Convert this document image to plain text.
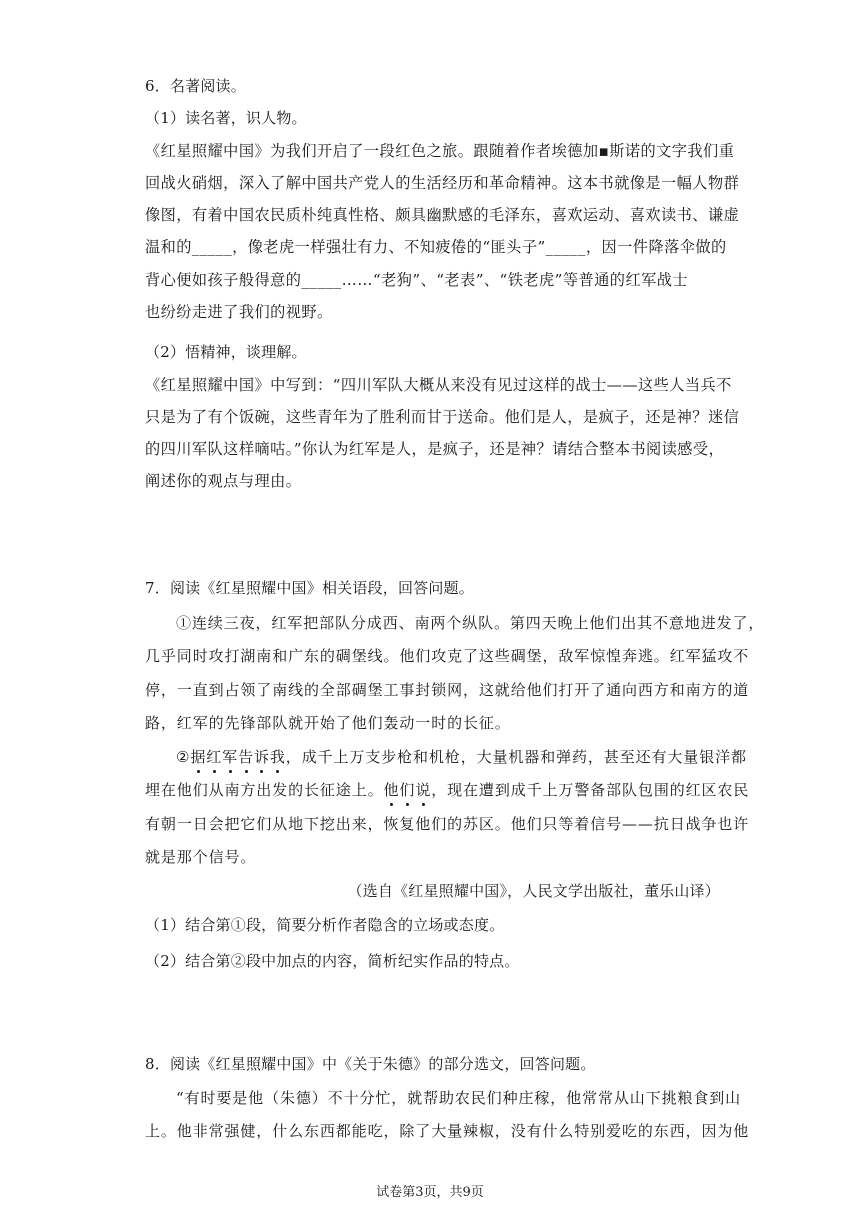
6．名著阅读。
（1）读名著，识人物。
《红星照耀中国》为我们开启了一段红色之旅。跟随着作者埃德加▪斯诺的文字我们重
回战火硝烟，深入了解中国共产党人的生活经历和革命精神。这本书就像是一幅人物群
像图，有着中国农民质朴纯真性格、颇具幽默感的毛泽东，喜欢运动、喜欢读书、谦虚
温和的_____，像老虎一样强壮有力、不知疲倦的“匪头子”_____，因一件降落伞做的
背心便如孩子般得意的_____……“老狗”、“老表”、“铁老虎”等普通的红军战士
也纷纷走进了我们的视野。
（2）悟精神，谈理解。
《红星照耀中国》中写到：“四川军队大概从来没有见过这样的战士——这些人当兵不
只是为了有个饭碗，这些青年为了胜利而甘于送命。他们是人，是疯子，还是神？迷信
的四川军队这样嘀咕。”你认为红军是人，是疯子，还是神？请结合整本书阅读感受，
阐述你的观点与理由。
7．阅读《红星照耀中国》相关语段，回答问题。
①连续三夜，红军把部队分成西、南两个纵队。第四天晚上他们出其不意地进发了，
几乎同时攻打湖南和广东的碉堡线。他们攻克了这些碉堡，敌军惊惶奔逃。红军猛攻不
停，一直到占领了南线的全部碉堡工事封锁网，这就给他们打开了通向西方和南方的道
路，红军的先锋部队就开始了他们轰动一时的长征。
②据红军告诉我，成千上万支步枪和机枪，大量机器和弹药，甚至还有大量银洋都
埋在他们从南方出发的长征途上。他们说，现在遭到成千上万警备部队包围的红区农民
有朝一日会把它们从地下挖出来，恢复他们的苏区。他们只等着信号——抗日战争也许
就是那个信号。
（选自《红星照耀中国》，人民文学出版社，董乐山译）
（1）结合第①段，简要分析作者隐含的立场或态度。
（2）结合第②段中加点的内容，简析纪实作品的特点。
8．阅读《红星照耀中国》中《关于朱德》的部分选文，回答问题。
“有时要是他（朱德）不十分忙，就帮助农民们种庄稼，他常常从山下挑粮食到山
上。他非常强健，什么东西都能吃，除了大量辣椒，没有什么特别爱吃的东西，因为他
试卷第3页，共9页
